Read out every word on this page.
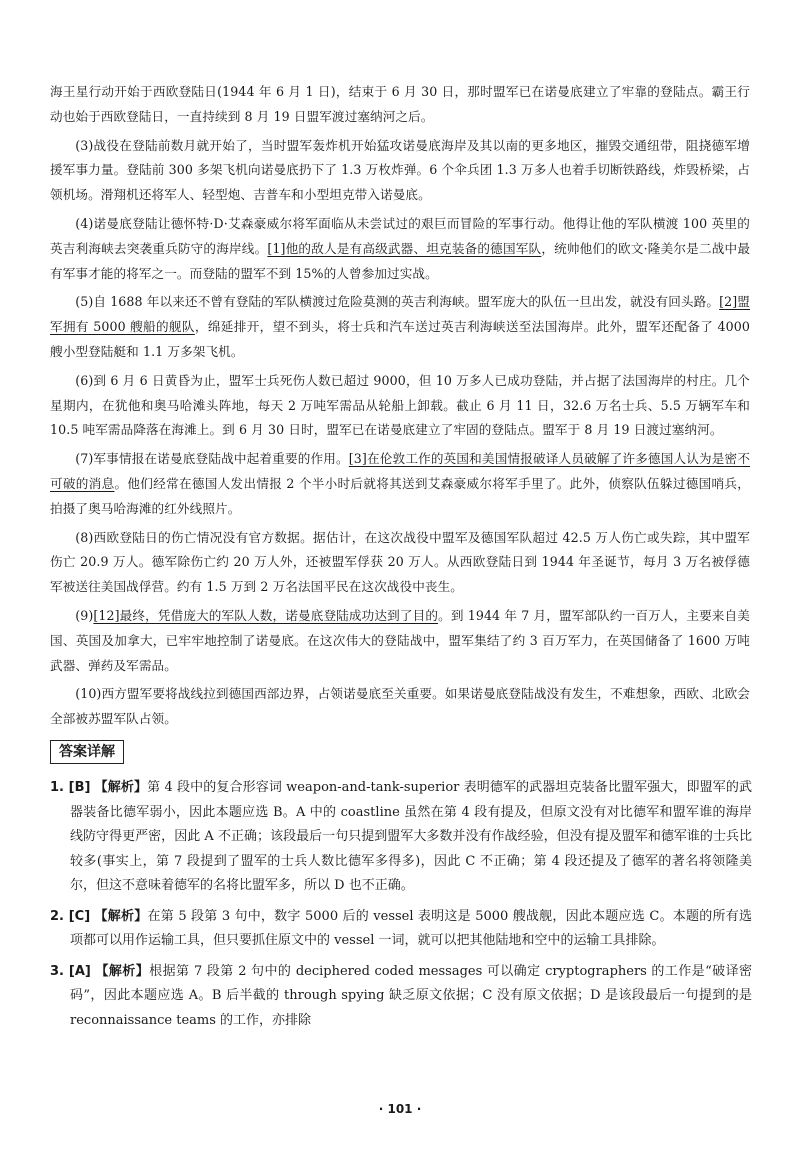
海王星行动开始于西欧登陆日(1944 年 6 月 1 日)，结束于 6 月 30 日，那时盟军已在诺曼底建立了牢靠的登陆点。霸王行动也始于西欧登陆日，一直持续到 8 月 19 日盟军渡过塞纳河之后。

(3)战役在登陆前数月就开始了，当时盟军轰炸机开始猛攻诺曼底海岸及其以南的更多地区，摧毁交通纽带，阻挠德军增援军事力量。登陆前 300 多架飞机向诺曼底扔下了 1.3 万枚炸弹。6 个伞兵团 1.3 万多人也着手切断铁路线，炸毁桥梁，占领机场。滑翔机还将军人、轻型炮、吉普车和小型坦克带入诺曼底。

(4)诺曼底登陆让德怀特·D·艾森豪威尔将军面临从未尝试过的艰巨而冒险的军事行动。他得让他的军队横渡 100 英里的英吉利海峡去突袭重兵防守的海岸线。[1]他的敌人是有高级武器、坦克装备的德国军队，统帅他们的欧文·隆美尔是二战中最有军事才能的将军之一。而登陆的盟军不到 15%的人曾参加过实战。

(5)自 1688 年以来还不曾有登陆的军队横渡过危险莫测的英吉利海峡。盟军庞大的队伍一旦出发，就没有回头路。[2]盟军拥有 5000 艘船的舰队，绵延排开，望不到头，将士兵和汽车送过英吉利海峡送至法国海岸。此外，盟军还配备了 4000 艘小型登陆艇和 1.1 万多架飞机。

(6)到 6 月 6 日黄昏为止，盟军士兵死伤人数已超过 9000，但 10 万多人已成功登陆，并占据了法国海岸的村庄。几个星期内，在犹他和奥马哈滩头阵地，每天 2 万吨军需品从轮船上卸载。截止 6 月 11 日，32.6 万名士兵、5.5 万辆军车和 10.5 吨军需品降落在海滩上。到 6 月 30 日时，盟军已在诺曼底建立了牢固的登陆点。盟军于 8 月 19 日渡过塞纳河。

(7)军事情报在诺曼底登陆战中起着重要的作用。[3]在伦敦工作的英国和美国情报破译人员破解了许多德国人认为是密不可破的消息。他们经常在德国人发出情报 2 个半小时后就将其送到艾森豪威尔将军手里了。此外，侦察队伍躲过德国哨兵，拍摄了奥马哈海滩的红外线照片。

(8)西欧登陆日的伤亡情况没有官方数据。据估计，在这次战役中盟军及德国军队超过 42.5 万人伤亡或失踪，其中盟军伤亡 20.9 万人。德军除伤亡约 20 万人外，还被盟军俘获 20 万人。从西欧登陆日到 1944 年圣诞节，每月 3 万名被俘德军被送往美国战俘营。约有 1.5 万到 2 万名法国平民在这次战役中丧生。

(9)[12]最终，凭借庞大的军队人数，诺曼底登陆成功达到了目的。到 1944 年 7 月，盟军部队约一百万人，主要来自美国、英国及加拿大，已牢牢地控制了诺曼底。在这次伟大的登陆战中，盟军集结了约 3 百万军力，在英国储备了 1600 万吨武器、弹药及军需品。

(10)西方盟军要将战线拉到德国西部边界，占领诺曼底至关重要。如果诺曼底登陆战没有发生，不难想象，西欧、北欧会全部被苏盟军队占领。

答案详解

1. [B] 【解析】第 4 段中的复合形容词 weapon-and-tank-superior 表明德军的武器坦克装备比盟军强大，即盟军的武器装备比德军弱小，因此本题应选 B。A 中的 coastline 虽然在第 4 段有提及，但原文没有对比德军和盟军谁的海岸线防守得更严密，因此 A 不正确；该段最后一句只提到盟军大多数并没有作战经验，但没有提及盟军和德军谁的士兵比较多(事实上，第 7 段提到了盟军的士兵人数比德军多得多)，因此 C 不正确；第 4 段还提及了德军的著名将领隆美尔，但这不意味着德军的名将比盟军多，所以 D 也不正确。

2. [C] 【解析】在第 5 段第 3 句中，数字 5000 后的 vessel 表明这是 5000 艘战舰，因此本题应选 C。本题的所有选项都可以用作运输工具，但只要抓住原文中的 vessel 一词，就可以把其他陆地和空中的运输工具排除。

3. [A] 【解析】根据第 7 段第 2 句中的 deciphered coded messages 可以确定 cryptographers 的工作是“破译密码”，因此本题应选 A。B 后半截的 through spying 缺乏原文依据；C 没有原文依据；D 是该段最后一句提到的是 reconnaissance teams 的工作，亦排除

· 101 ·
